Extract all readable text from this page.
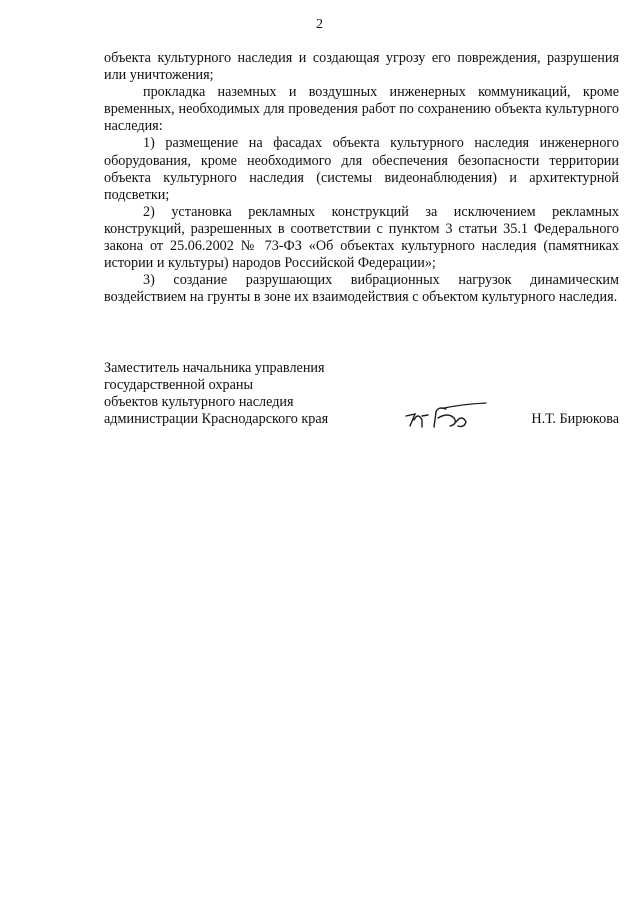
2

объекта культурного наследия и создающая угрозу его повреждения, разрушения или уничтожения;

прокладка наземных и воздушных инженерных коммуникаций, кроме временных, необходимых для проведения работ по сохранению объекта культурного наследия:

1) размещение на фасадах объекта культурного наследия инженерного оборудования, кроме необходимого для обеспечения безопасности территории объекта культурного наследия (системы видеонаблюдения) и архитектурной подсветки;

2) установка рекламных конструкций за исключением рекламных конструкций, разрешенных в соответствии с пунктом 3 статьи 35.1 Федерального закона от 25.06.2002 № 73-ФЗ «Об объектах культурного наследия (памятниках истории и культуры) народов Российской Федерации»;

3) создание разрушающих вибрационных нагрузок динамическим воздействием на грунты в зоне их взаимодействия с объектом культурного наследия.

Заместитель начальника управления
государственной охраны
объектов культурного наследия
администрации Краснодарского края	Н.Т. Бирюкова
